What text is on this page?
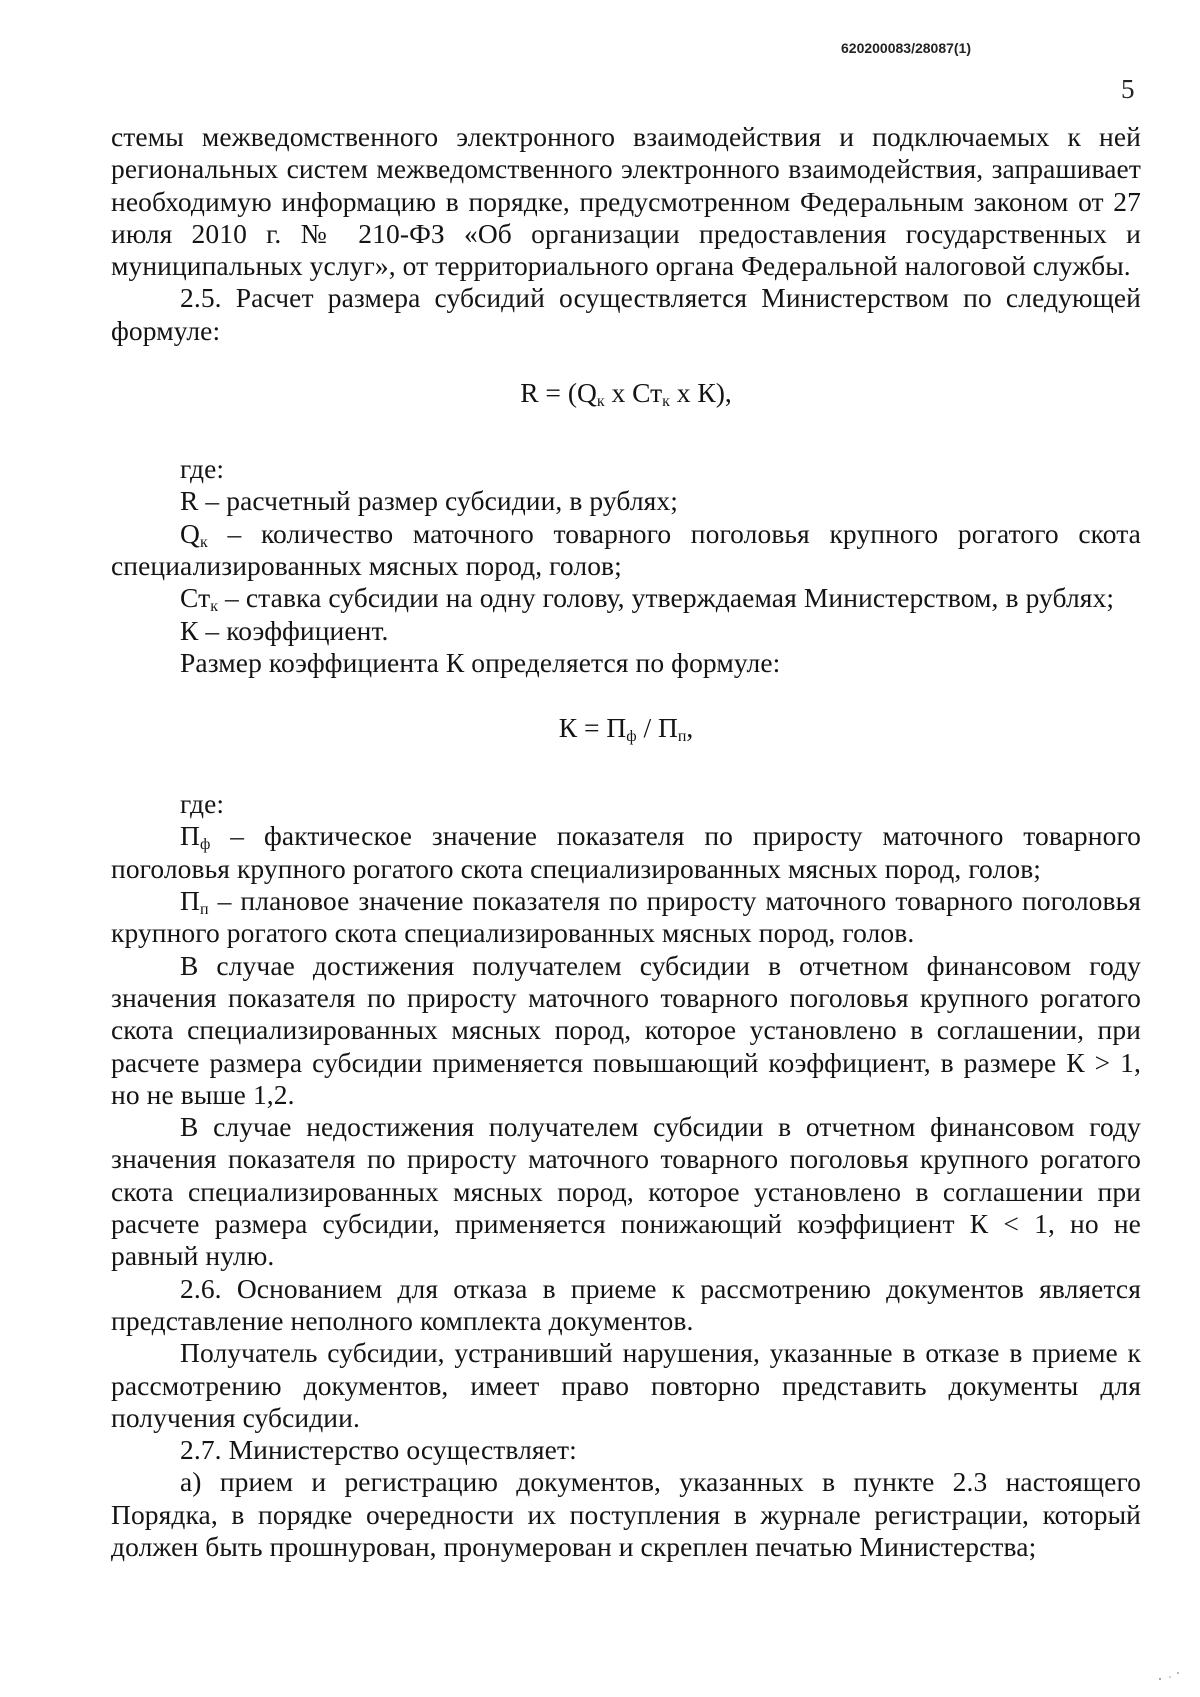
620200083/28087(1)
5

стемы межведомственного электронного взаимодействия и подключаемых к ней региональных систем межведомственного электронного взаимодействия, запрашивает необходимую информацию в порядке, предусмотренном Федеральным законом от 27 июля 2010 г. № 210-ФЗ «Об организации предоставления государственных и муниципальных услуг», от территориального органа Федеральной налоговой службы.

2.5. Расчет размера субсидий осуществляется Министерством по следующей формуле:

$R = (Q_к$ х $Ст_к$ х К),

где:

R – расчетный размер субсидии, в рублях;

$Q_к$ – количество маточного товарного поголовья крупного рогатого скота специализированных мясных пород, голов;

$Ст_к$ – ставка субсидии на одну голову, утверждаемая Министерством, в рублях;

К – коэффициент.

Размер коэффициента К определяется по формуле:

$К = П_ф / П_п$,

где:

$П_ф$ – фактическое значение показателя по приросту маточного товарного поголовья крупного рогатого скота специализированных мясных пород, голов;

$П_п$ – плановое значение показателя по приросту маточного товарного поголовья крупного рогатого скота специализированных мясных пород, голов.

В случае достижения получателем субсидии в отчетном финансовом году значения показателя по приросту маточного товарного поголовья крупного рогатого скота специализированных мясных пород, которое установлено в соглашении, при расчете размера субсидии применяется повышающий коэффициент, в размере К > 1, но не выше 1,2.

В случае недостижения получателем субсидии в отчетном финансовом году значения показателя по приросту маточного товарного поголовья крупного рогатого скота специализированных мясных пород, которое установлено в соглашении при расчете размера субсидии, применяется понижающий коэффициент К < 1, но не равный нулю.

2.6. Основанием для отказа в приеме к рассмотрению документов является представление неполного комплекта документов.

Получатель субсидии, устранивший нарушения, указанные в отказе в приеме к рассмотрению документов, имеет право повторно представить документы для получения субсидии.

2.7. Министерство осуществляет:

а) прием и регистрацию документов, указанных в пункте 2.3 настоящего Порядка, в порядке очередности их поступления в журнале регистрации, который должен быть прошнурован, пронумерован и скреплен печатью Министерства;
